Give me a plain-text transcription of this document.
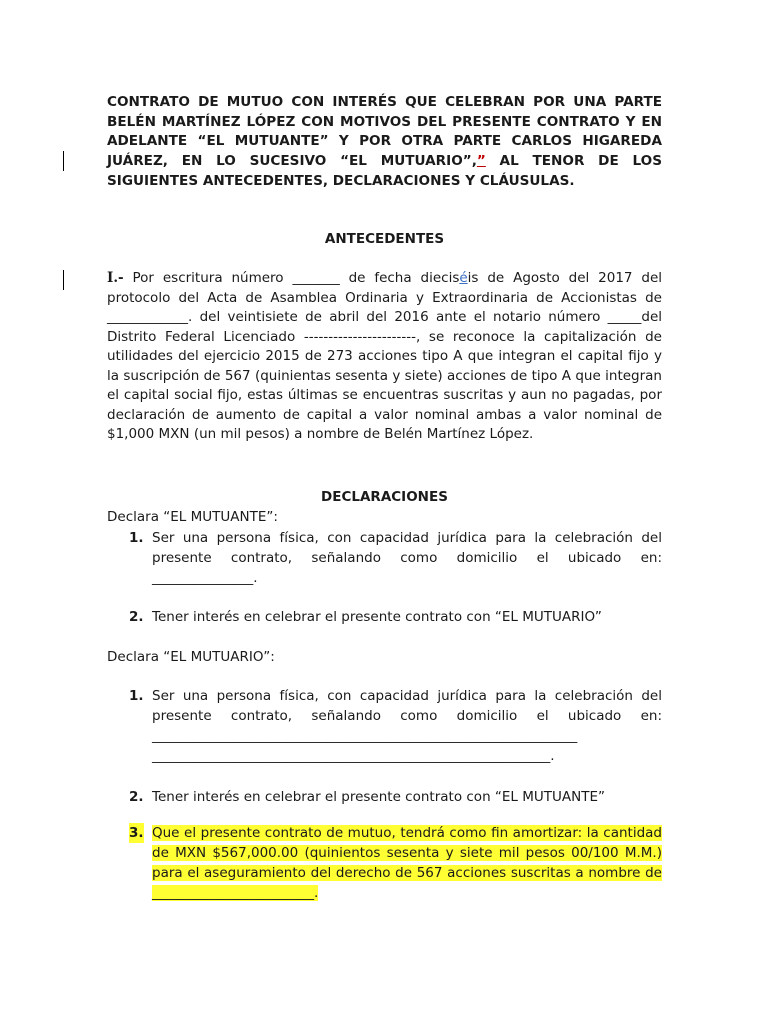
CONTRATO DE MUTUO CON INTERÉS QUE CELEBRAN POR UNA PARTE BELÉN MARTÍNEZ LÓPEZ CON MOTIVOS DEL PRESENTE CONTRATO Y EN ADELANTE “EL MUTUANTE” Y POR OTRA PARTE CARLOS HIGAREDA JUÁREZ, EN LO SUCESIVO “EL MUTUARIO”,” AL TENOR DE LOS SIGUIENTES ANTECEDENTES, DECLARACIONES Y CLÁUSULAS.
ANTECEDENTES
I.- Por escritura número _______ de fecha dieciséis de Agosto del 2017 del protocolo del Acta de Asamblea Ordinaria y Extraordinaria de Accionistas de ____________. del veintisiete de abril del 2016 ante el notario número _____del Distrito Federal Licenciado -----------------------, se reconoce la capitalización de utilidades del ejercicio 2015 de 273 acciones tipo A que integran el capital fijo y la suscripción de 567 (quinientas sesenta y siete) acciones de tipo A que integran el capital social fijo, estas últimas se encuentras suscritas y aun no pagadas, por declaración de aumento de capital a valor nominal ambas a valor nominal de $1,000 MXN (un mil pesos) a nombre de Belén Martínez López.
DECLARACIONES
Declara “EL MUTUANTE”:
1. Ser una persona física, con capacidad jurídica para la celebración del presente contrato, señalando como domicilio el ubicado en: _______________.
2. Tener interés en celebrar el presente contrato con “EL MUTUARIO”
Declara “EL MUTUARIO”:
1. Ser una persona física, con capacidad jurídica para la celebración del presente contrato, señalando como domicilio el ubicado en: _______________________________________________________________ ___________________________________________________________.
2. Tener interés en celebrar el presente contrato con “EL MUTUANTE”
3. Que el presente contrato de mutuo, tendrá como fin amortizar: la cantidad de MXN $567,000.00 (quinientos sesenta y siete mil pesos 00/100 M.M.) para el aseguramiento del derecho de 567 acciones suscritas a nombre de ________________________.
